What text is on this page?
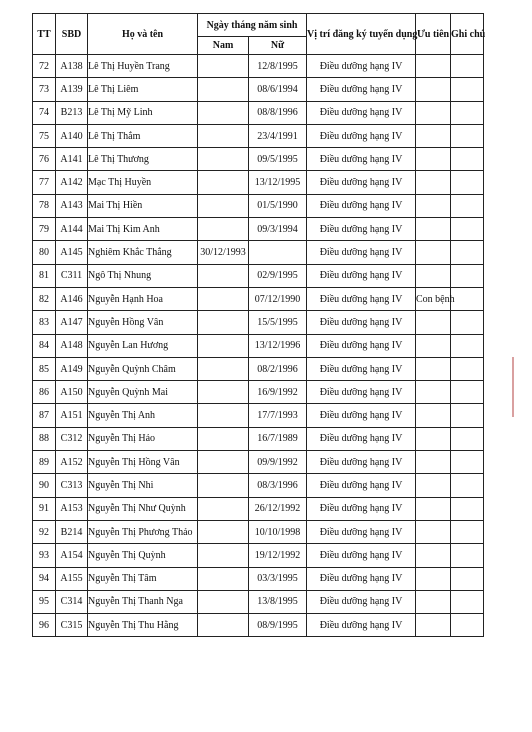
TT	SBD	Họ và tên	Ngày tháng năm sinh		Vị trí đăng ký tuyển dụng	Ưu tiên	Ghi chú
			Nam	Nữ			
72	A138	Lê Thị Huyền Trang		12/8/1995	Điều dưỡng hạng IV		
73	A139	Lê Thị Liêm		08/6/1994	Điều dưỡng hạng IV		
74	B213	Lê Thị Mỹ Linh		08/8/1996	Điều dưỡng hạng IV		
75	A140	Lê Thị Thắm		23/4/1991	Điều dưỡng hạng IV		
76	A141	Lê Thị Thương		09/5/1995	Điều dưỡng hạng IV		
77	A142	Mạc Thị Huyền		13/12/1995	Điều dưỡng hạng IV		
78	A143	Mai Thị Hiền		01/5/1990	Điều dưỡng hạng IV		
79	A144	Mai Thị Kim Anh		09/3/1994	Điều dưỡng hạng IV		
80	A145	Nghiêm Khắc Thắng	30/12/1993		Điều dưỡng hạng IV		
81	C311	Ngô Thị Nhung		02/9/1995	Điều dưỡng hạng IV		
82	A146	Nguyễn Hạnh Hoa		07/12/1990	Điều dưỡng hạng IV	Con bệnh	
83	A147	Nguyễn Hồng Vân		15/5/1995	Điều dưỡng hạng IV		
84	A148	Nguyễn Lan Hương		13/12/1996	Điều dưỡng hạng IV		
85	A149	Nguyễn Quỳnh Châm		08/2/1996	Điều dưỡng hạng IV		
86	A150	Nguyễn Quỳnh Mai		16/9/1992	Điều dưỡng hạng IV		
87	A151	Nguyễn Thị Anh		17/7/1993	Điều dưỡng hạng IV		
88	C312	Nguyễn Thị Hảo		16/7/1989	Điều dưỡng hạng IV		
89	A152	Nguyễn Thị Hồng Vân		09/9/1992	Điều dưỡng hạng IV		
90	C313	Nguyễn Thị Nhi		08/3/1996	Điều dưỡng hạng IV		
91	A153	Nguyễn Thị Như Quỳnh		26/12/1992	Điều dưỡng hạng IV		
92	B214	Nguyễn Thị Phương Thảo		10/10/1998	Điều dưỡng hạng IV		
93	A154	Nguyễn Thị Quỳnh		19/12/1992	Điều dưỡng hạng IV		
94	A155	Nguyễn Thị Tâm		03/3/1995	Điều dưỡng hạng IV		
95	C314	Nguyễn Thị Thanh Nga		13/8/1995	Điều dưỡng hạng IV		
96	C315	Nguyễn Thị Thu Hằng		08/9/1995	Điều dưỡng hạng IV		
